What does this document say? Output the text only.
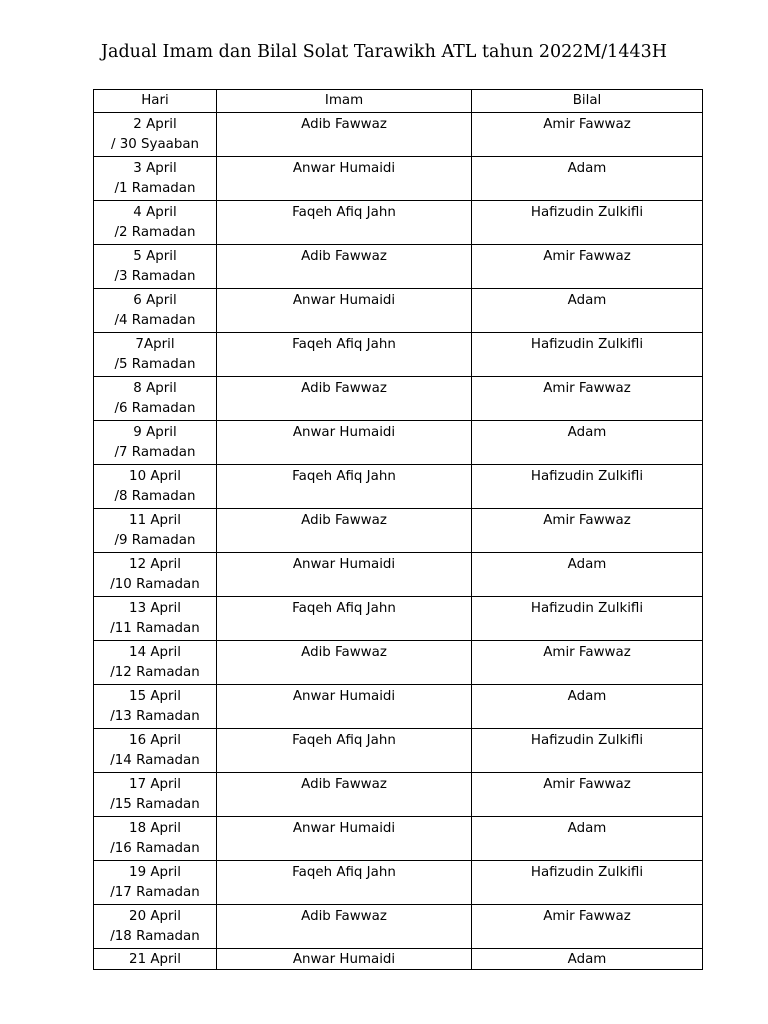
Jadual Imam dan Bilal Solat Tarawikh ATL tahun 2022M/1443H
Hari	Imam	Bilal

2 April
/ 30 Syaaban	Adib Fawwaz	Amir Fawwaz

3 April
/1 Ramadan	Anwar Humaidi	Adam

4 April
/2 Ramadan	Faqeh Afiq Jahn	Hafizudin Zulkifli

5 April
/3 Ramadan	Adib Fawwaz	Amir Fawwaz

6 April
/4 Ramadan	Anwar Humaidi	Adam

7April
/5 Ramadan	Faqeh Afiq Jahn	Hafizudin Zulkifli

8 April
/6 Ramadan	Adib Fawwaz	Amir Fawwaz

9 April
/7 Ramadan	Anwar Humaidi	Adam

10 April
/8 Ramadan	Faqeh Afiq Jahn	Hafizudin Zulkifli

11 April
/9 Ramadan	Adib Fawwaz	Amir Fawwaz

12 April
/10 Ramadan	Anwar Humaidi	Adam

13 April
/11 Ramadan	Faqeh Afiq Jahn	Hafizudin Zulkifli

14 April
/12 Ramadan	Adib Fawwaz	Amir Fawwaz

15 April
/13 Ramadan	Anwar Humaidi	Adam

16 April
/14 Ramadan	Faqeh Afiq Jahn	Hafizudin Zulkifli

17 April
/15 Ramadan	Adib Fawwaz	Amir Fawwaz

18 April
/16 Ramadan	Anwar Humaidi	Adam

19 April
/17 Ramadan	Faqeh Afiq Jahn	Hafizudin Zulkifli

20 April
/18 Ramadan	Adib Fawwaz	Amir Fawwaz

21 April	Anwar Humaidi	Adam
